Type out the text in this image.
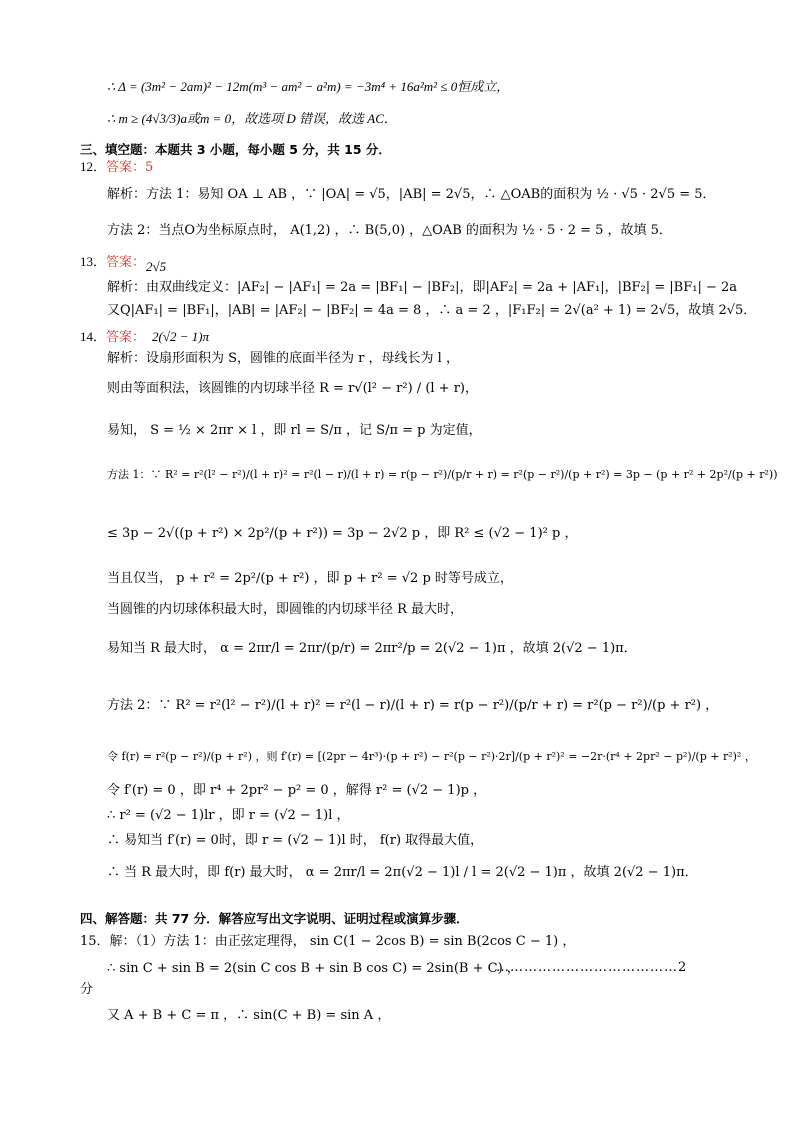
∴ Δ = (3m² − 2am)² − 12m(m³ − am² − a²m) = −3m⁴ + 16a²m² ≤ 0恒成立，
∴ m ≥ (4√3/3)a或m = 0，故选项 D 错误，故选 AC．
三、填空题：本题共 3 小题，每小题 5 分，共 15 分．
12．答案：5
解析：方法 1：易知 OA ⊥ AB ，∵ |OA| = √5，|AB| = 2√5，∴ △OAB的面积为 ½ · √5 · 2√5 = 5．
方法 2：当点O为坐标原点时， A(1,2) ，∴ B(5,0) ，△OAB 的面积为 ½ · 5 · 2 = 5 ，故填 5．
13．答案： 2√5
解析：由双曲线定义：|AF₂| − |AF₁| = 2a = |BF₁| − |BF₂|，即|AF₂| = 2a + |AF₁|，|BF₂| = |BF₁| − 2a
又Q|AF₁| = |BF₁|，|AB| = |AF₂| − |BF₂| = 4a = 8 ，∴ a = 2 ，|F₁F₂| = 2√(a² + 1) = 2√5，故填 2√5．
14．答案： 2(√2 − 1)π
解析：设扇形面积为 S，圆锥的底面半径为 r ，母线长为 l ，
则由等面积法，该圆锥的内切球半径 R = r√(l² − r²) / (l + r)，
易知， S = ½ × 2πr × l ，即 rl = S/π ，记 S/π = p 为定值，
方法 1：∵ R² = r²(l² − r²)/(l + r)² = r²(l − r)/(l + r) = r(p − r²)/(p/r + r) = r²(p − r²)/(p + r²) = 3p − (p + r² + 2p²/(p + r²))
≤ 3p − 2√((p + r²) × 2p²/(p + r²)) = 3p − 2√2 p ，即 R² ≤ (√2 − 1)² p ，
当且仅当， p + r² = 2p²/(p + r²) ，即 p + r² = √2 p 时等号成立，
当圆锥的内切球体积最大时，即圆锥的内切球半径 R 最大时，
易知当 R 最大时， α = 2πr/l = 2πr/(p/r) = 2πr²/p = 2(√2 − 1)π ，故填 2(√2 − 1)π．
方法 2：∵ R² = r²(l² − r²)/(l + r)² = r²(l − r)/(l + r) = r(p − r²)/(p/r + r) = r²(p − r²)/(p + r²) ，
令 f(r) = r²(p − r²)/(p + r²) ，则 f′(r) = [(2pr − 4r³)·(p + r²) − r²(p − r²)·2r]/(p + r²)² = −2r·(r⁴ + 2pr² − p²)/(p + r²)² ，
令 f′(r) = 0 ，即 r⁴ + 2pr² − p² = 0 ，解得 r² = (√2 − 1)p ，
∴ r² = (√2 − 1)lr ，即 r = (√2 − 1)l ，
∴ 易知当 f′(r) = 0时，即 r = (√2 − 1)l 时， f(r) 取得最大值，
∴ 当 R 最大时，即 f(r) 最大时， α = 2πr/l = 2π(√2 − 1)l / l = 2(√2 − 1)π ，故填 2(√2 − 1)π．
四、解答题：共 77 分．解答应写出文字说明、证明过程或演算步骤．
15．解：（1）方法 1：由正弦定理得， sin C(1 − 2cos B) = sin B(2cos C − 1) ，
∴ sin C + sin B = 2(sin C cos B + sin B cos C) = 2sin(B + C) ，
…………………………………2
分
又 A + B + C = π ，∴ sin(C + B) = sin A ，
